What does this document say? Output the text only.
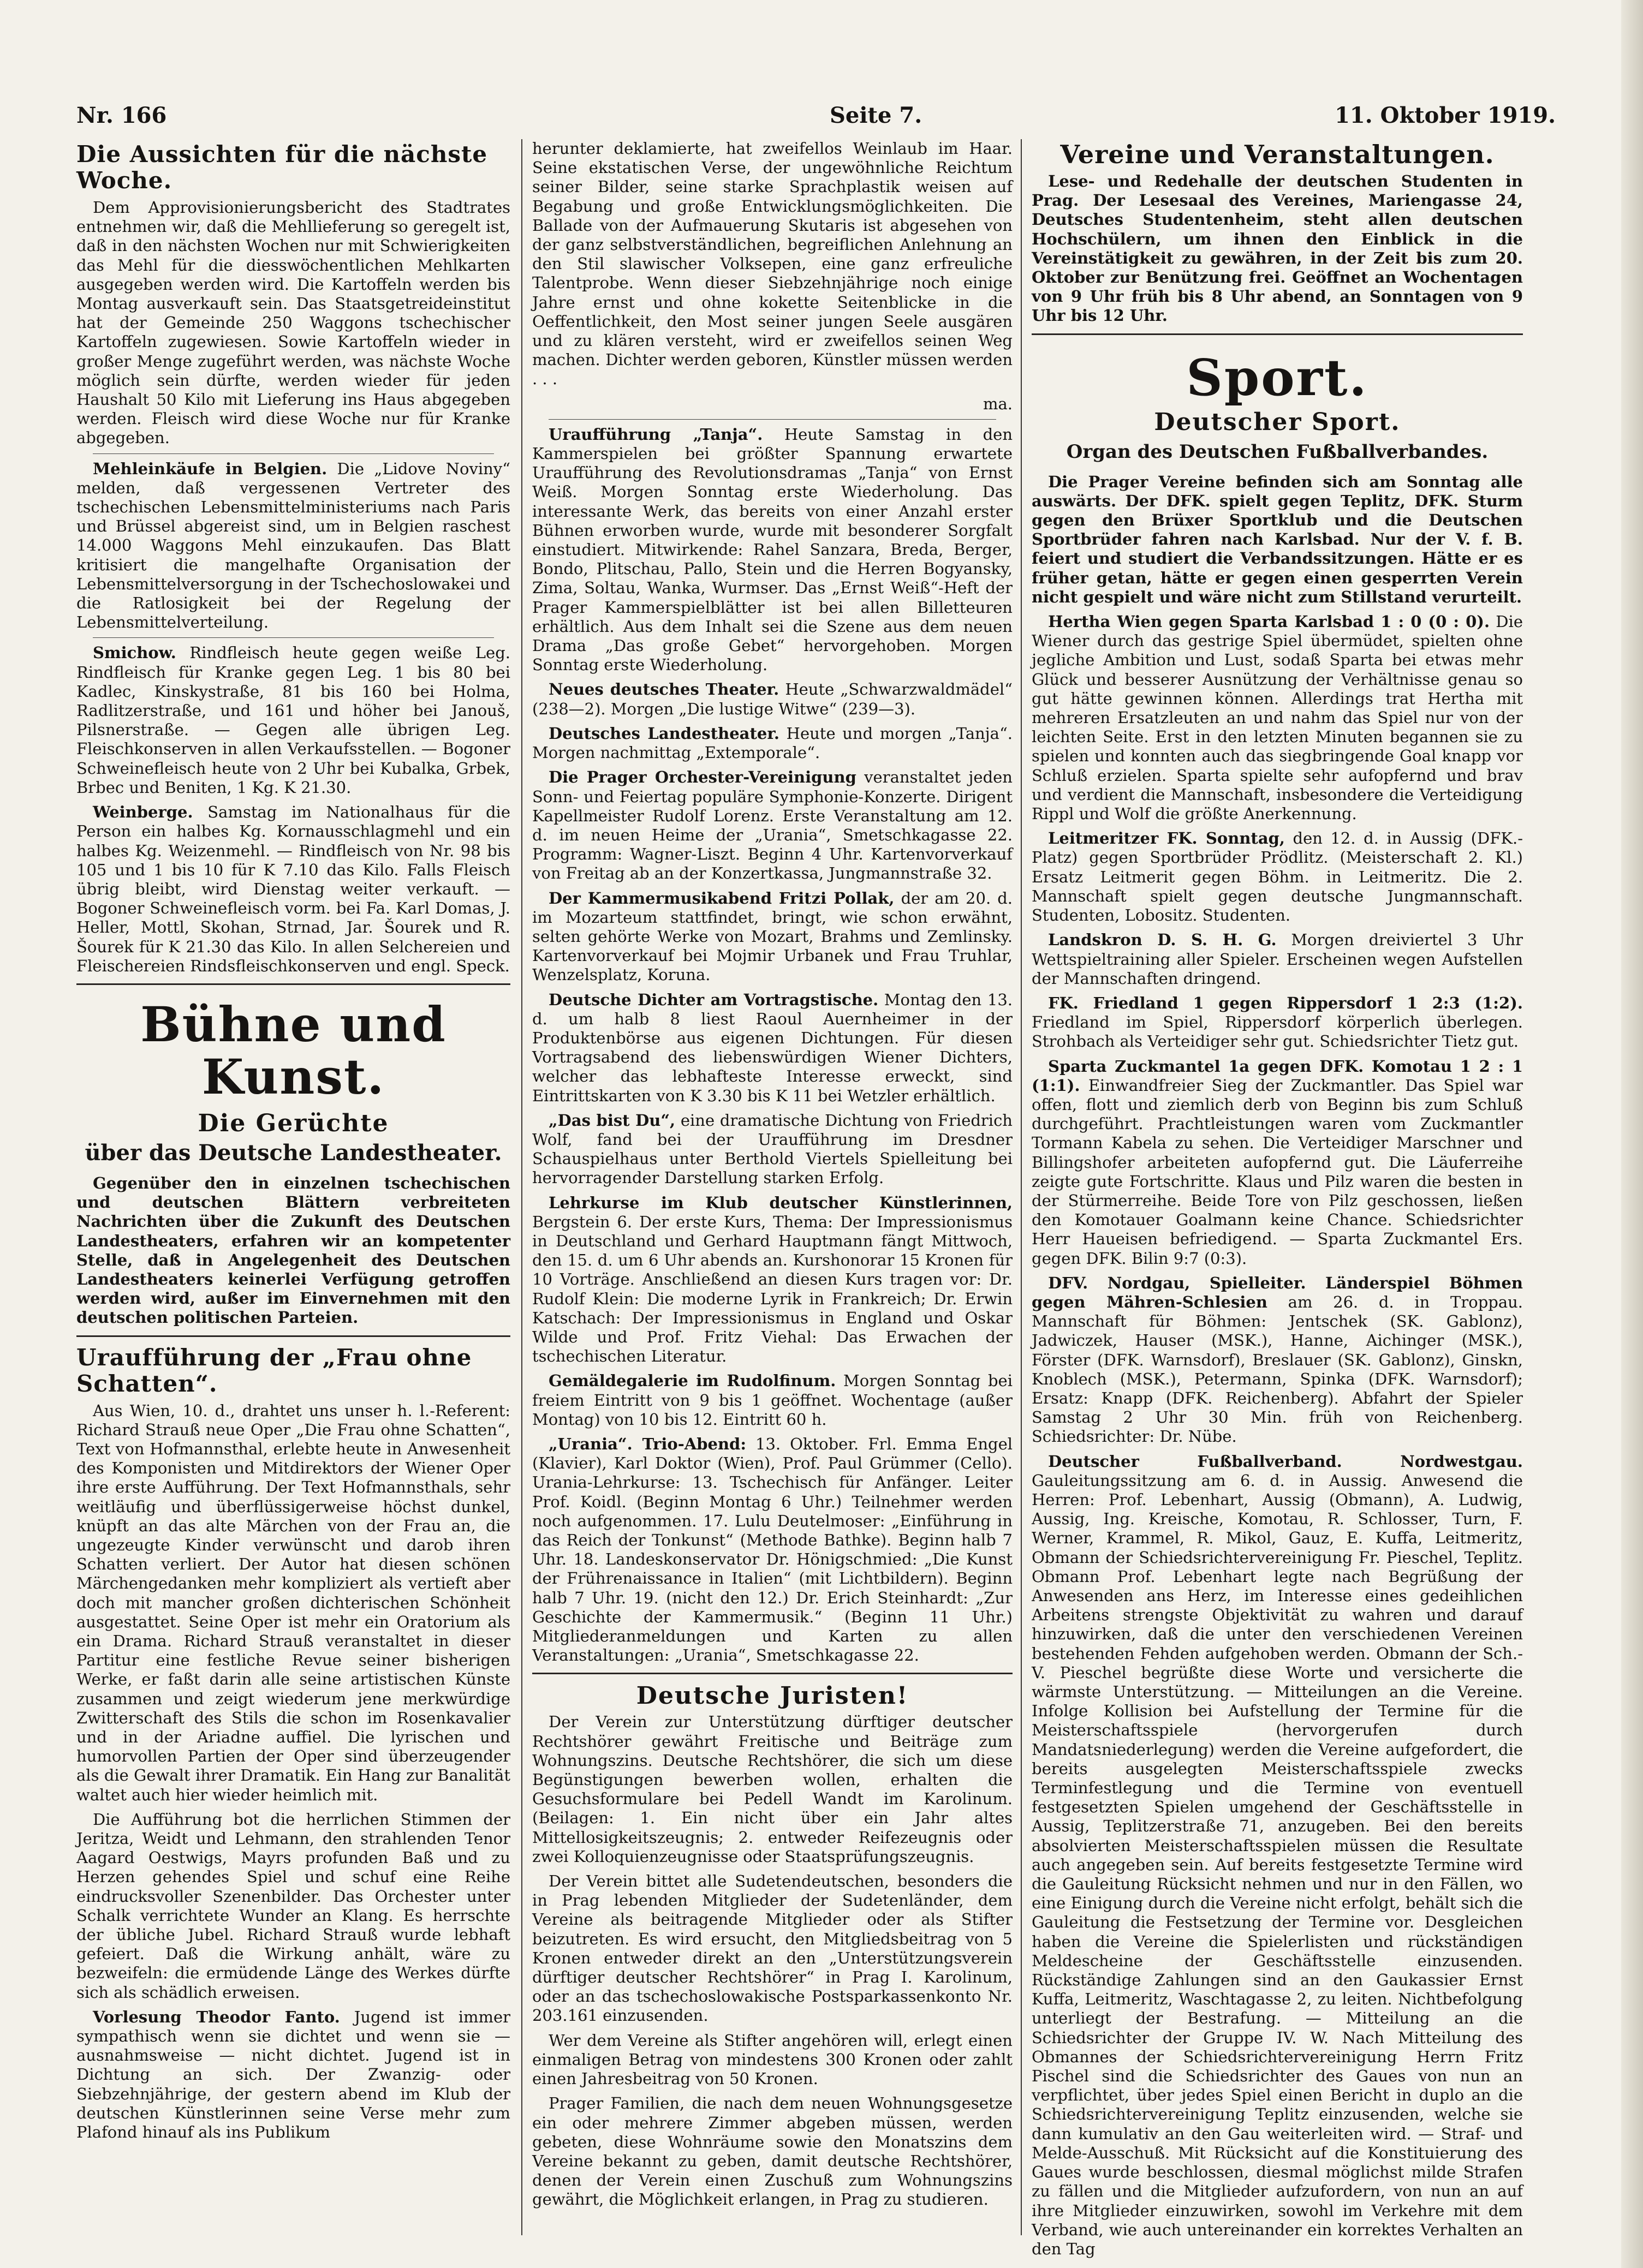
Nr. 166	Seite 7.	11. Oktober 1919.
Die Aussichten für die nächste Woche.

Dem Approvisionierungsbericht des Stadtrates entnehmen wir, daß die Mehllieferung so geregelt ist, daß in den nächsten Wochen nur mit Schwierigkeiten das Mehl für die diesswöchentlichen Mehlkarten ausgegeben werden wird. Die Kartoffeln werden bis Montag ausverkauft sein. Das Staatsgetreideinstitut hat der Gemeinde 250 Waggons tschechischer Kartoffeln zugewiesen. Sowie Kartoffeln wieder in großer Menge zugeführt werden, was nächste Woche möglich sein dürfte, werden wieder für jeden Haushalt 50 Kilo mit Lieferung ins Haus abgegeben werden. Fleisch wird diese Woche nur für Kranke abgegeben.

Mehleinkäufe in Belgien. Die „Lidove Noviny“ melden, daß vergessenen Vertreter des tschechischen Lebensmittelministeriums nach Paris und Brüssel abgereist sind, um in Belgien raschest 14.000 Waggons Mehl einzukaufen. Das Blatt kritisiert die mangelhafte Organisation der Lebensmittelversorgung in der Tschechoslowakei und die Ratlosigkeit bei der Regelung der Lebensmittelverteilung.

Smichow. Rindfleisch heute gegen weiße Leg. Rindfleisch für Kranke gegen Leg. 1 bis 80 bei Kadlec, Kinskystraße, 81 bis 160 bei Holma, Radlitzerstraße, und 161 und höher bei Janouš, Pilsnerstraße. — Gegen alle übrigen Leg. Fleischkonserven in allen Verkaufsstellen. — Bogoner Schweinefleisch heute von 2 Uhr bei Kubalka, Grbek, Brbec und Beniten, 1 Kg. K 21.30.

Weinberge. Samstag im Nationalhaus für die Person ein halbes Kg. Kornausschlagmehl und ein halbes Kg. Weizenmehl. — Rindfleisch von Nr. 98 bis 105 und 1 bis 10 für K 7.10 das Kilo. Falls Fleisch übrig bleibt, wird Dienstag weiter verkauft. — Bogoner Schweinefleisch vorm. bei Fa. Karl Domas, J. Heller, Mottl, Skohan, Strnad, Jar. Šourek und R. Šourek für K 21.30 das Kilo. In allen Selchereien und Fleischereien Rindsfleischkonserven und engl. Speck.

Bühne und Kunst.
Die Gerüchte
über das Deutsche Landestheater.

Gegenüber den in einzelnen tschechischen und deutschen Blättern verbreiteten Nachrichten über die Zukunft des Deutschen Landestheaters, erfahren wir an kompetenter Stelle, daß in Angelegenheit des Deutschen Landestheaters keinerlei Verfügung getroffen werden wird, außer im Einvernehmen mit den deutschen politischen Parteien.

Uraufführung der „Frau ohne Schatten“.

Aus Wien, 10. d., drahtet uns unser h. l.-Referent: Richard Strauß neue Oper „Die Frau ohne Schatten“, Text von Hofmannsthal, erlebte heute in Anwesenheit des Komponisten und Mitdirektors der Wiener Oper ihre erste Aufführung. Der Text Hofmannsthals, sehr weitläufig und überflüssigerweise höchst dunkel, knüpft an das alte Märchen von der Frau an, die ungezeugte Kinder verwünscht und darob ihren Schatten verliert. Der Autor hat diesen schönen Märchengedanken mehr kompliziert als vertieft aber doch mit mancher großen dichterischen Schönheit ausgestattet. Seine Oper ist mehr ein Oratorium als ein Drama. Richard Strauß veranstaltet in dieser Partitur eine festliche Revue seiner bisherigen Werke, er faßt darin alle seine artistischen Künste zusammen und zeigt wiederum jene merkwürdige Zwitterschaft des Stils die schon im Rosenkavalier und in der Ariadne auffiel. Die lyrischen und humorvollen Partien der Oper sind überzeugender als die Gewalt ihrer Dramatik. Ein Hang zur Banalität waltet auch hier wieder heimlich mit.

Die Aufführung bot die herrlichen Stimmen der Jeritza, Weidt und Lehmann, den strahlenden Tenor Aagard Oestwigs, Mayrs profunden Baß und zu Herzen gehendes Spiel und schuf eine Reihe eindrucksvoller Szenenbilder. Das Orchester unter Schalk verrichtete Wunder an Klang. Es herrschte der übliche Jubel. Richard Strauß wurde lebhaft gefeiert. Daß die Wirkung anhält, wäre zu bezweifeln: die ermüdende Länge des Werkes dürfte sich als schädlich erweisen.

Vorlesung Theodor Fanto. Jugend ist immer sympathisch wenn sie dichtet und wenn sie — ausnahmsweise — nicht dichtet. Jugend ist in Dichtung an sich. Der Zwanzig- oder Siebzehnjährige, der gestern abend im Klub der deutschen Künstlerinnen seine Verse mehr zum Plafond hinauf als ins Publikum

herunter deklamierte, hat zweifellos Weinlaub im Haar. Seine ekstatischen Verse, der ungewöhnliche Reichtum seiner Bilder, seine starke Sprachplastik weisen auf Begabung und große Entwicklungsmöglichkeiten. Die Ballade von der Aufmauerung Skutaris ist abgesehen von der ganz selbstverständlichen, begreiflichen Anlehnung an den Stil slawischer Volksepen, eine ganz erfreuliche Talentprobe. Wenn dieser Siebzehnjährige noch einige Jahre ernst und ohne kokette Seitenblicke in die Oeffentlichkeit, den Most seiner jungen Seele ausgären und zu klären versteht, wird er zweifellos seinen Weg machen. Dichter werden geboren, Künstler müssen werden . . .

ma.

Uraufführung „Tanja“. Heute Samstag in den Kammerspielen bei größter Spannung erwartete Uraufführung des Revolutionsdramas „Tanja“ von Ernst Weiß. Morgen Sonntag erste Wiederholung. Das interessante Werk, das bereits von einer Anzahl erster Bühnen erworben wurde, wurde mit besonderer Sorgfalt einstudiert. Mitwirkende: Rahel Sanzara, Breda, Berger, Bondo, Plitschau, Pallo, Stein und die Herren Bogyansky, Zima, Soltau, Wanka, Wurmser. Das „Ernst Weiß“-Heft der Prager Kammerspielblätter ist bei allen Billetteuren erhältlich. Aus dem Inhalt sei die Szene aus dem neuen Drama „Das große Gebet“ hervorgehoben. Morgen Sonntag erste Wiederholung.

Neues deutsches Theater. Heute „Schwarzwaldmädel“ (238—2). Morgen „Die lustige Witwe“ (239—3).

Deutsches Landestheater. Heute und morgen „Tanja“. Morgen nachmittag „Extemporale“.

Die Prager Orchester-Vereinigung veranstaltet jeden Sonn- und Feiertag populäre Symphonie-Konzerte. Dirigent Kapellmeister Rudolf Lorenz. Erste Veranstaltung am 12. d. im neuen Heime der „Urania“, Smetschkagasse 22. Programm: Wagner-Liszt. Beginn 4 Uhr. Kartenvorverkauf von Freitag ab an der Konzertkassa, Jungmannstraße 32.

Der Kammermusikabend Fritzi Pollak, der am 20. d. im Mozarteum stattfindet, bringt, wie schon erwähnt, selten gehörte Werke von Mozart, Brahms und Zemlinsky. Kartenvorverkauf bei Mojmir Urbanek und Frau Truhlar, Wenzelsplatz, Koruna.

Deutsche Dichter am Vortragstische. Montag den 13. d. um halb 8 liest Raoul Auernheimer in der Produktenbörse aus eigenen Dichtungen. Für diesen Vortragsabend des liebenswürdigen Wiener Dichters, welcher das lebhafteste Interesse erweckt, sind Eintrittskarten von K 3.30 bis K 11 bei Wetzler erhältlich.

„Das bist Du“, eine dramatische Dichtung von Friedrich Wolf, fand bei der Uraufführung im Dresdner Schauspielhaus unter Berthold Viertels Spielleitung bei hervorragender Darstellung starken Erfolg.

Lehrkurse im Klub deutscher Künstlerinnen, Bergstein 6. Der erste Kurs, Thema: Der Impressionismus in Deutschland und Gerhard Hauptmann fängt Mittwoch, den 15. d. um 6 Uhr abends an. Kurshonorar 15 Kronen für 10 Vorträge. Anschließend an diesen Kurs tragen vor: Dr. Rudolf Klein: Die moderne Lyrik in Frankreich; Dr. Erwin Katschach: Der Impressionismus in England und Oskar Wilde und Prof. Fritz Viehal: Das Erwachen der tschechischen Literatur.

Gemäldegalerie im Rudolfinum. Morgen Sonntag bei freiem Eintritt von 9 bis 1 geöffnet. Wochentage (außer Montag) von 10 bis 12. Eintritt 60 h.

„Urania“. Trio-Abend: 13. Oktober. Frl. Emma Engel (Klavier), Karl Doktor (Wien), Prof. Paul Grümmer (Cello). Urania-Lehrkurse: 13. Tschechisch für Anfänger. Leiter Prof. Koidl. (Beginn Montag 6 Uhr.) Teilnehmer werden noch aufgenommen. 17. Lulu Deutelmoser: „Einführung in das Reich der Tonkunst“ (Methode Bathke). Beginn halb 7 Uhr. 18. Landeskonservator Dr. Hönigschmied: „Die Kunst der Frührenaissance in Italien“ (mit Lichtbildern). Beginn halb 7 Uhr. 19. (nicht den 12.) Dr. Erich Steinhardt: „Zur Geschichte der Kammermusik.“ (Beginn 11 Uhr.) Mitgliederanmeldungen und Karten zu allen Veranstaltungen: „Urania“, Smetschkagasse 22.

Deutsche Juristen!

Der Verein zur Unterstützung dürftiger deutscher Rechtshörer gewährt Freitische und Beiträge zum Wohnungszins. Deutsche Rechtshörer, die sich um diese Begünstigungen bewerben wollen, erhalten die Gesuchsformulare bei Pedell Wandt im Karolinum. (Beilagen: 1. Ein nicht über ein Jahr altes Mittellosigkeitszeugnis; 2. entweder Reifezeugnis oder zwei Kolloquienzeugnisse oder Staatsprüfungszeugnis.

Der Verein bittet alle Sudetendeutschen, besonders die in Prag lebenden Mitglieder der Sudetenländer, dem Vereine als beitragende Mitglieder oder als Stifter beizutreten. Es wird ersucht, den Mitgliedsbeitrag von 5 Kronen entweder direkt an den „Unterstützungsverein dürftiger deutscher Rechtshörer“ in Prag I. Karolinum, oder an das tschechoslowakische Postsparkassenkonto Nr. 203.161 einzusenden.

Wer dem Vereine als Stifter angehören will, erlegt einen einmaligen Betrag von mindestens 300 Kronen oder zahlt einen Jahresbeitrag von 50 Kronen.

Prager Familien, die nach dem neuen Wohnungsgesetze ein oder mehrere Zimmer abgeben müssen, werden gebeten, diese Wohnräume sowie den Monatszins dem Vereine bekannt zu geben, damit deutsche Rechtshörer, denen der Verein einen Zuschuß zum Wohnungszins gewährt, die Möglichkeit erlangen, in Prag zu studieren.

Vereine und Veranstaltungen.

Lese- und Redehalle der deutschen Studenten in Prag. Der Lesesaal des Vereines, Mariengasse 24, Deutsches Studentenheim, steht allen deutschen Hochschülern, um ihnen den Einblick in die Vereinstätigkeit zu gewähren, in der Zeit bis zum 20. Oktober zur Benützung frei. Geöffnet an Wochentagen von 9 Uhr früh bis 8 Uhr abend, an Sonntagen von 9 Uhr bis 12 Uhr.

Sport.
Deutscher Sport.
Organ des Deutschen Fußballverbandes.

Die Prager Vereine befinden sich am Sonntag alle auswärts. Der DFK. spielt gegen Teplitz, DFK. Sturm gegen den Brüxer Sportklub und die Deutschen Sportbrüder fahren nach Karlsbad. Nur der V. f. B. feiert und studiert die Verbandssitzungen. Hätte er es früher getan, hätte er gegen einen gesperrten Verein nicht gespielt und wäre nicht zum Stillstand verurteilt.

Hertha Wien gegen Sparta Karlsbad 1 : 0 (0 : 0). Die Wiener durch das gestrige Spiel übermüdet, spielten ohne jegliche Ambition und Lust, sodaß Sparta bei etwas mehr Glück und besserer Ausnützung der Verhältnisse genau so gut hätte gewinnen können. Allerdings trat Hertha mit mehreren Ersatzleuten an und nahm das Spiel nur von der leichten Seite. Erst in den letzten Minuten begannen sie zu spielen und konnten auch das siegbringende Goal knapp vor Schluß erzielen. Sparta spielte sehr aufopfernd und brav und verdient die Mannschaft, insbesondere die Verteidigung Rippl und Wolf die größte Anerkennung.

Leitmeritzer FK. Sonntag, den 12. d. in Aussig (DFK.-Platz) gegen Sportbrüder Prödlitz. (Meisterschaft 2. Kl.) Ersatz Leitmerit gegen Böhm. in Leitmeritz. Die 2. Mannschaft spielt gegen deutsche Jungmannschaft. Studenten, Lobositz. Studenten.

Landskron D. S. H. G. Morgen dreiviertel 3 Uhr Wettspieltraining aller Spieler. Erscheinen wegen Aufstellen der Mannschaften dringend.

FK. Friedland 1 gegen Rippersdorf 1 2:3 (1:2). Friedland im Spiel, Rippersdorf körperlich überlegen. Strohbach als Verteidiger sehr gut. Schiedsrichter Tietz gut.

Sparta Zuckmantel 1a gegen DFK. Komotau 1 2 : 1 (1:1). Einwandfreier Sieg der Zuckmantler. Das Spiel war offen, flott und ziemlich derb von Beginn bis zum Schluß durchgeführt. Prachtleistungen waren vom Zuckmantler Tormann Kabela zu sehen. Die Verteidiger Marschner und Billingshofer arbeiteten aufopfernd gut. Die Läuferreihe zeigte gute Fortschritte. Klaus und Pilz waren die besten in der Stürmerreihe. Beide Tore von Pilz geschossen, ließen den Komotauer Goalmann keine Chance. Schiedsrichter Herr Haueisen befriedigend. — Sparta Zuckmantel Ers. gegen DFK. Bilin 9:7 (0:3).

DFV. Nordgau, Spielleiter. Länderspiel Böhmen gegen Mähren-Schlesien am 26. d. in Troppau. Mannschaft für Böhmen: Jentschek (SK. Gablonz), Jadwiczek, Hauser (MSK.), Hanne, Aichinger (MSK.), Förster (DFK. Warnsdorf), Breslauer (SK. Gablonz), Ginskn, Knoblech (MSK.), Petermann, Spinka (DFK. Warnsdorf); Ersatz: Knapp (DFK. Reichenberg). Abfahrt der Spieler Samstag 2 Uhr 30 Min. früh von Reichenberg. Schiedsrichter: Dr. Nübe.

Deutscher Fußballverband. Nordwestgau. Gauleitungssitzung am 6. d. in Aussig. Anwesend die Herren: Prof. Lebenhart, Aussig (Obmann), A. Ludwig, Aussig, Ing. Kreische, Komotau, R. Schlosser, Turn, F. Werner, Krammel, R. Mikol, Gauz, E. Kuffa, Leitmeritz, Obmann der Schiedsrichtervereinigung Fr. Pieschel, Teplitz. Obmann Prof. Lebenhart legte nach Begrüßung der Anwesenden ans Herz, im Interesse eines gedeihlichen Arbeitens strengste Objektivität zu wahren und darauf hinzuwirken, daß die unter den verschiedenen Vereinen bestehenden Fehden aufgehoben werden. Obmann der Sch.-V. Pieschel begrüßte diese Worte und versicherte die wärmste Unterstützung. — Mitteilungen an die Vereine. Infolge Kollision bei Aufstellung der Termine für die Meisterschaftsspiele (hervorgerufen durch Mandatsniederlegung) werden die Vereine aufgefordert, die bereits ausgelegten Meisterschaftsspiele zwecks Terminfestlegung und die Termine von eventuell festgesetzten Spielen umgehend der Geschäftsstelle in Aussig, Teplitzerstraße 71, anzugeben. Bei den bereits absolvierten Meisterschaftsspielen müssen die Resultate auch angegeben sein. Auf bereits festgesetzte Termine wird die Gauleitung Rücksicht nehmen und nur in den Fällen, wo eine Einigung durch die Vereine nicht erfolgt, behält sich die Gauleitung die Festsetzung der Termine vor. Desgleichen haben die Vereine die Spielerlisten und rückständigen Meldescheine der Geschäftsstelle einzusenden. Rückständige Zahlungen sind an den Gaukassier Ernst Kuffa, Leitmeritz, Waschtagasse 2, zu leiten. Nichtbefolgung unterliegt der Bestrafung. — Mitteilung an die Schiedsrichter der Gruppe IV. W. Nach Mitteilung des Obmannes der Schiedsrichtervereinigung Herrn Fritz Pischel sind die Schiedsrichter des Gaues von nun an verpflichtet, über jedes Spiel einen Bericht in duplo an die Schiedsrichtervereinigung Teplitz einzusenden, welche sie dann kumulativ an den Gau weiterleiten wird. — Straf- und Melde-Ausschuß. Mit Rücksicht auf die Konstituierung des Gaues wurde beschlossen, diesmal möglichst milde Strafen zu fällen und die Mitglieder aufzufordern, von nun an auf ihre Mitglieder einzuwirken, sowohl im Verkehre mit dem Verband, wie auch untereinander ein korrektes Verhalten an den Tag
